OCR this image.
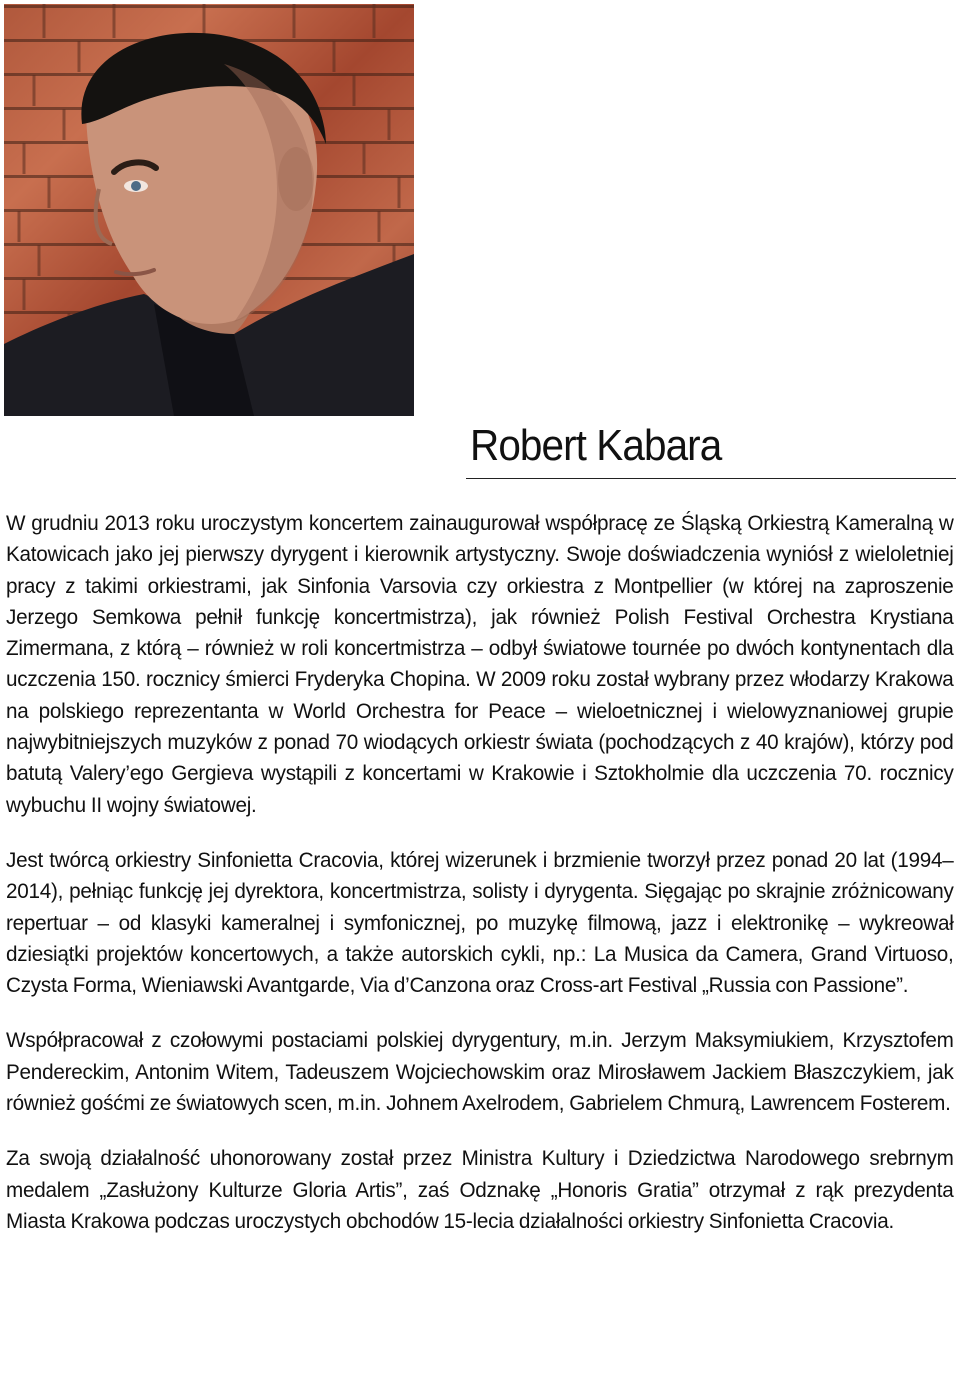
Robert Kabara

W grudniu 2013 roku uroczystym koncertem zainaugurował współpracę ze Śląską Orkiestrą Kameralną w Katowicach jako jej pierwszy dyrygent i kierownik artystyczny. Swoje doświadczenia wyniósł z wieloletniej pracy z takimi orkiestrami, jak Sinfonia Varsovia czy orkiestra z Montpellier (w której na zaproszenie Jerzego Semkowa pełnił funkcję koncertmistrza), jak również Polish Festival Orchestra Krystiana Zimermana, z którą – również w roli koncertmistrza – odbył światowe tournée po dwóch kontynentach dla uczczenia 150. rocznicy śmierci Fryderyka Chopina. W 2009 roku został wybrany przez włodarzy Krakowa na polskiego reprezentanta w World Orchestra for Peace – wieloetnicznej i wielowyznaniowej grupie najwybitniejszych muzyków z ponad 70 wiodących orkiestr świata (pochodzących z 40 krajów), którzy pod batutą Valery’ego Gergieva wystąpili z koncertami w Krakowie i Sztokholmie dla uczczenia 70. rocznicy wybuchu II wojny światowej.

Jest twórcą orkiestry Sinfonietta Cracovia, której wizerunek i brzmienie tworzył przez ponad 20 lat (1994–2014), pełniąc funkcję jej dyrektora, koncertmistrza, solisty i dyrygenta. Sięgając po skrajnie zróżnicowany repertuar – od klasyki kameralnej i symfonicznej, po muzykę filmową, jazz i elektronikę – wykreował dziesiątki projektów koncertowych, a także autorskich cykli, np.: La Musica da Camera, Grand Virtuoso, Czysta Forma, Wieniawski Avantgarde, Via d’Canzona oraz Cross-art Festival „Russia con Passione”.

Współpracował z czołowymi postaciami polskiej dyrygentury, m.in. Jerzym Maksymiukiem, Krzysztofem Pendereckim, Antonim Witem, Tadeuszem Wojciechowskim oraz Mirosławem Jackiem Błaszczykiem, jak również gośćmi ze światowych scen, m.in. Johnem Axelrodem, Gabrielem Chmurą, Lawrencem Fosterem.

Za swoją działalność uhonorowany został przez Ministra Kultury i Dziedzictwa Narodowego srebrnym medalem „Zasłużony Kulturze Gloria Artis”, zaś Odznakę „Honoris Gratia” otrzymał z rąk prezydenta Miasta Krakowa podczas uroczystych obchodów 15-lecia działalności orkiestry Sinfonietta Cracovia.
